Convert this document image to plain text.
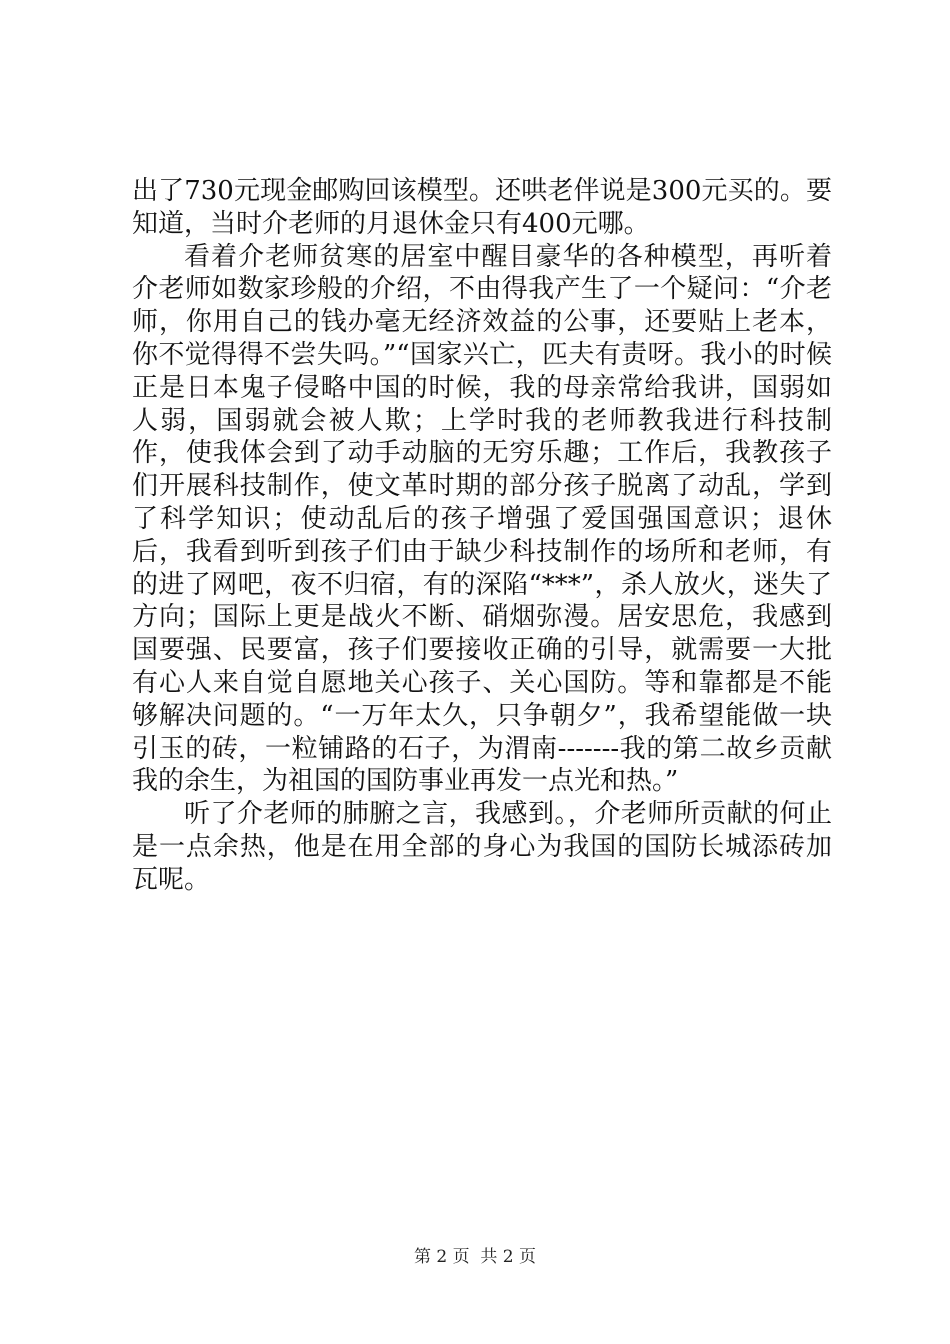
出了730元现金邮购回该模型。还哄老伴说是300元买的。要知道，当时介老师的月退休金只有400元哪。

看着介老师贫寒的居室中醒目豪华的各种模型，再听着介老师如数家珍般的介绍，不由得我产生了一个疑问：“介老师，你用自己的钱办毫无经济效益的公事，还要贴上老本，你不觉得得不尝失吗。”“国家兴亡，匹夫有责呀。我小的时候正是日本鬼子侵略中国的时候，我的母亲常给我讲，国弱如人弱，国弱就会被人欺；上学时我的老师教我进行科技制作，使我体会到了动手动脑的无穷乐趣；工作后，我教孩子们开展科技制作，使文革时期的部分孩子脱离了动乱，学到了科学知识；使动乱后的孩子增强了爱国强国意识；退休后，我看到听到孩子们由于缺少科技制作的场所和老师，有的进了网吧，夜不归宿，有的深陷“***”，杀人放火，迷失了方向；国际上更是战火不断、硝烟弥漫。居安思危，我感到国要强、民要富，孩子们要接收正确的引导，就需要一大批有心人来自觉自愿地关心孩子、关心国防。等和靠都是不能够解决问题的。“一万年太久，只争朝夕”，我希望能做一块引玉的砖，一粒铺路的石子，为渭南-------我的第二故乡贡献我的余生，为祖国的国防事业再发一点光和热。”

听了介老师的肺腑之言，我感到。，介老师所贡献的何止是一点余热，他是在用全部的身心为我国的国防长城添砖加瓦呢。

第 2 页  共 2 页
